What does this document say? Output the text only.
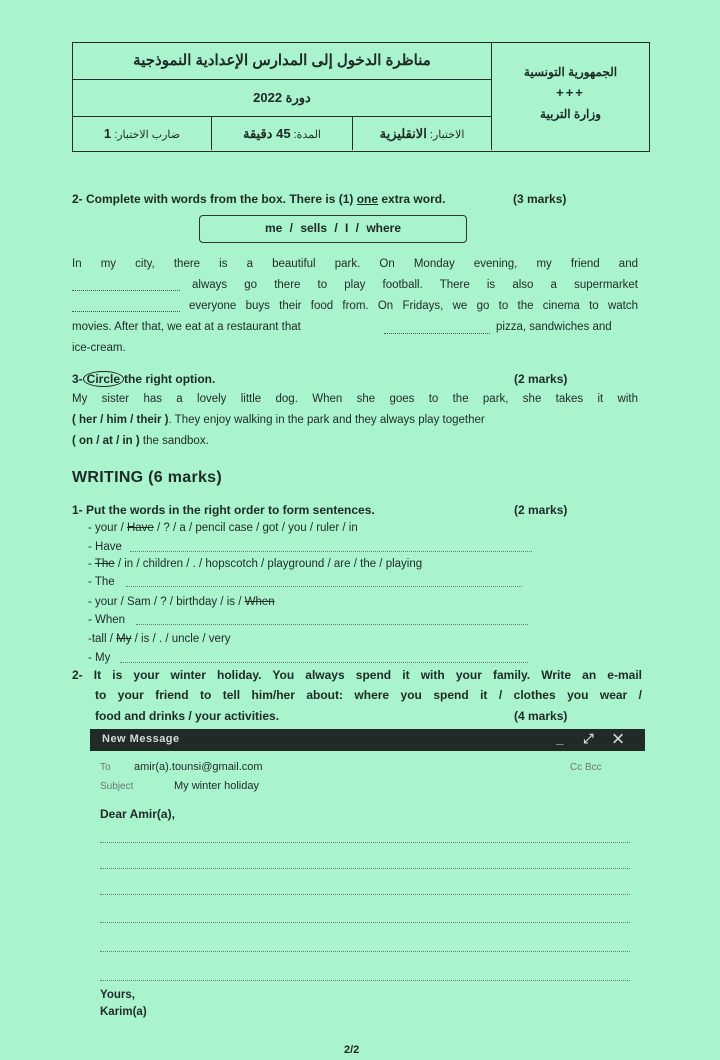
مناظرة الدخول إلى المدارس الإعدادية النموذجية
دورة 2022
ضارب الاختبار: 1	المدة: 45 دقيقة	الاختبار: الانقليزية
الجمهورية التونسية
+++
وزارة التربية
2- Complete with words from the box. There is (1) one extra word.	(3 marks)
me / sells / I / where
In my city, there is a beautiful park. On Monday evening, my friend and
always go there to play football. There is also a supermarket
everyone buys their food from. On Fridays, we go to the cinema to watch
movies. After that, we eat at a restaurant that	pizza, sandwiches and
ice-cream.
3- Circle the right option.	(2 marks)
My sister has a lovely little dog. When she goes to the park, she takes it with
( her / him / their ). They enjoy walking in the park and they always play together
( on / at / in ) the sandbox.
WRITING (6 marks)
1- Put the words in the right order to form sentences.	(2 marks)
- your / Have / ? / a / pencil case / got / you / ruler / in
- Have
- The / in / children / . / hopscotch / playground / are / the / playing
- The
- your / Sam / ? / birthday / is / When
- When
-tall / My / is / . / uncle / very
- My
2- It is your winter holiday. You always spend it with your family. Write an e-mail
to your friend to tell him/her about: where you spend it / clothes you wear /
food and drinks / your activities.	(4 marks)
New Message	_ ⤢ ✕
To amir(a).tounsi@gmail.com	Cc Bcc
Subject	My winter holiday
Dear Amir(a),
Yours,
Karim(a)
2/2
